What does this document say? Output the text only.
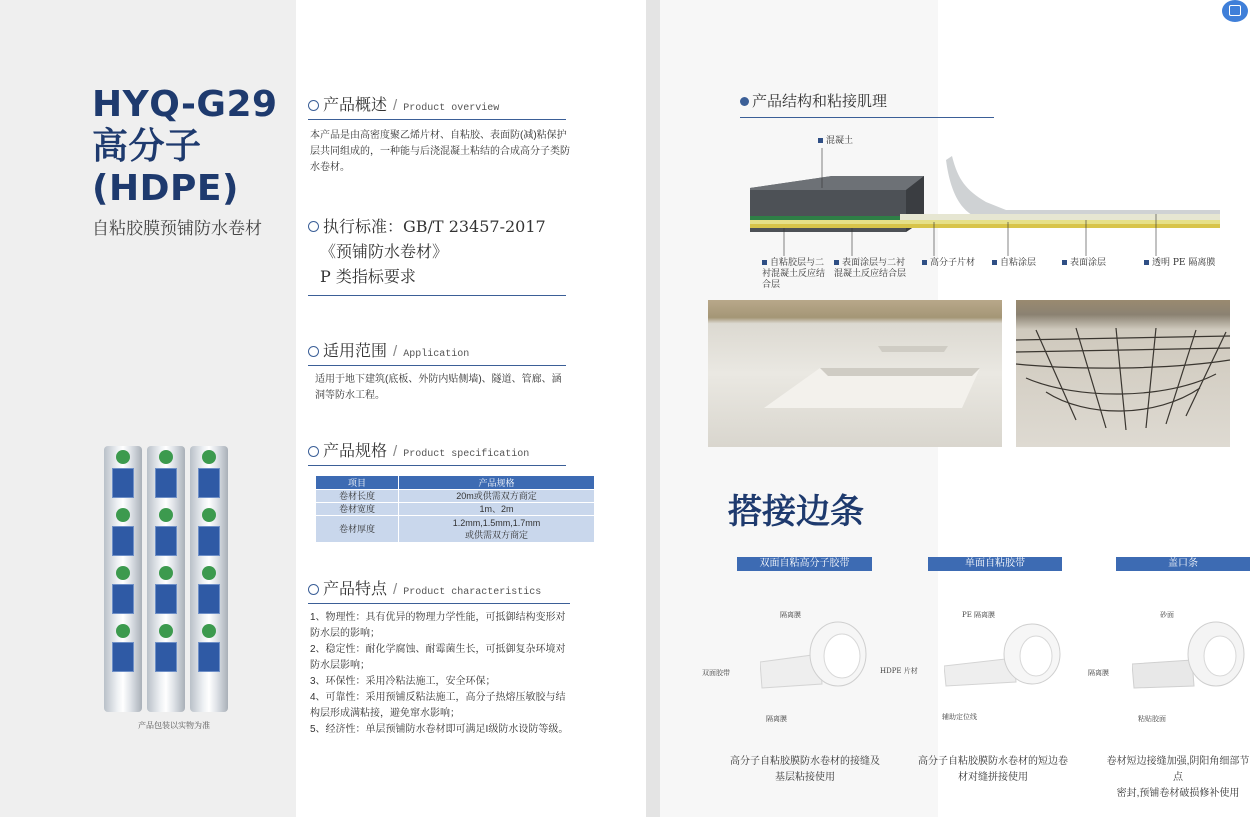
HYQ-G29
高分子
(HDPE)
自粘胶膜预铺防水卷材
产品包装以实物为准
产品概述 / Product overview
本产品是由高密度聚乙烯片材、自粘胶、表面防(减)粘保护层共同组成的，一种能与后浇混凝土粘结的合成高分子类防水卷材。
执行标准：GB/T 23457-2017
《预铺防水卷材》
P 类指标要求
适用范围 / Application
适用于地下建筑(底板、外防内贴侧墙)、隧道、管廊、涵洞等防水工程。
产品规格 / Product specification
项目	产品规格
卷材长度	20m或供需双方商定
卷材宽度	1m、2m
卷材厚度	1.2mm,1.5mm,1.7mm
或供需双方商定
产品特点 / Product characteristics
1、物理性：具有优异的物理力学性能，可抵御结构变形对防水层的影响；
2、稳定性：耐化学腐蚀、耐霉菌生长，可抵御复杂环境对防水层影响；
3、环保性：采用冷粘法施工，安全环保；
4、可靠性：采用预铺反粘法施工，高分子热熔压敏胶与结构层形成满粘接，避免窜水影响；
5、经济性：单层预铺防水卷材即可满足I级防水设防等级。
产品结构和粘接肌理
混凝土
自粘胶层与二衬混凝土反应结合层
表面涂层与二衬混凝土反应结合层
高分子片材	自粘涂层	表面涂层	透明 PE 隔离膜
搭接边条
双面自粘高分子胶带	单面自粘胶带	盖口条
隔离膜
双面胶带
隔离膜
高分子自粘胶膜防水卷材的接缝及
基层粘接使用
PE 隔离膜
HDPE 片材
辅助定位线
高分子自粘胶膜防水卷材的短边卷
材对缝拼接使用
砂面
隔离膜
粘贴胶面
卷材短边接缝加强,阴阳角细部节点
密封,预铺卷材破损修补使用
